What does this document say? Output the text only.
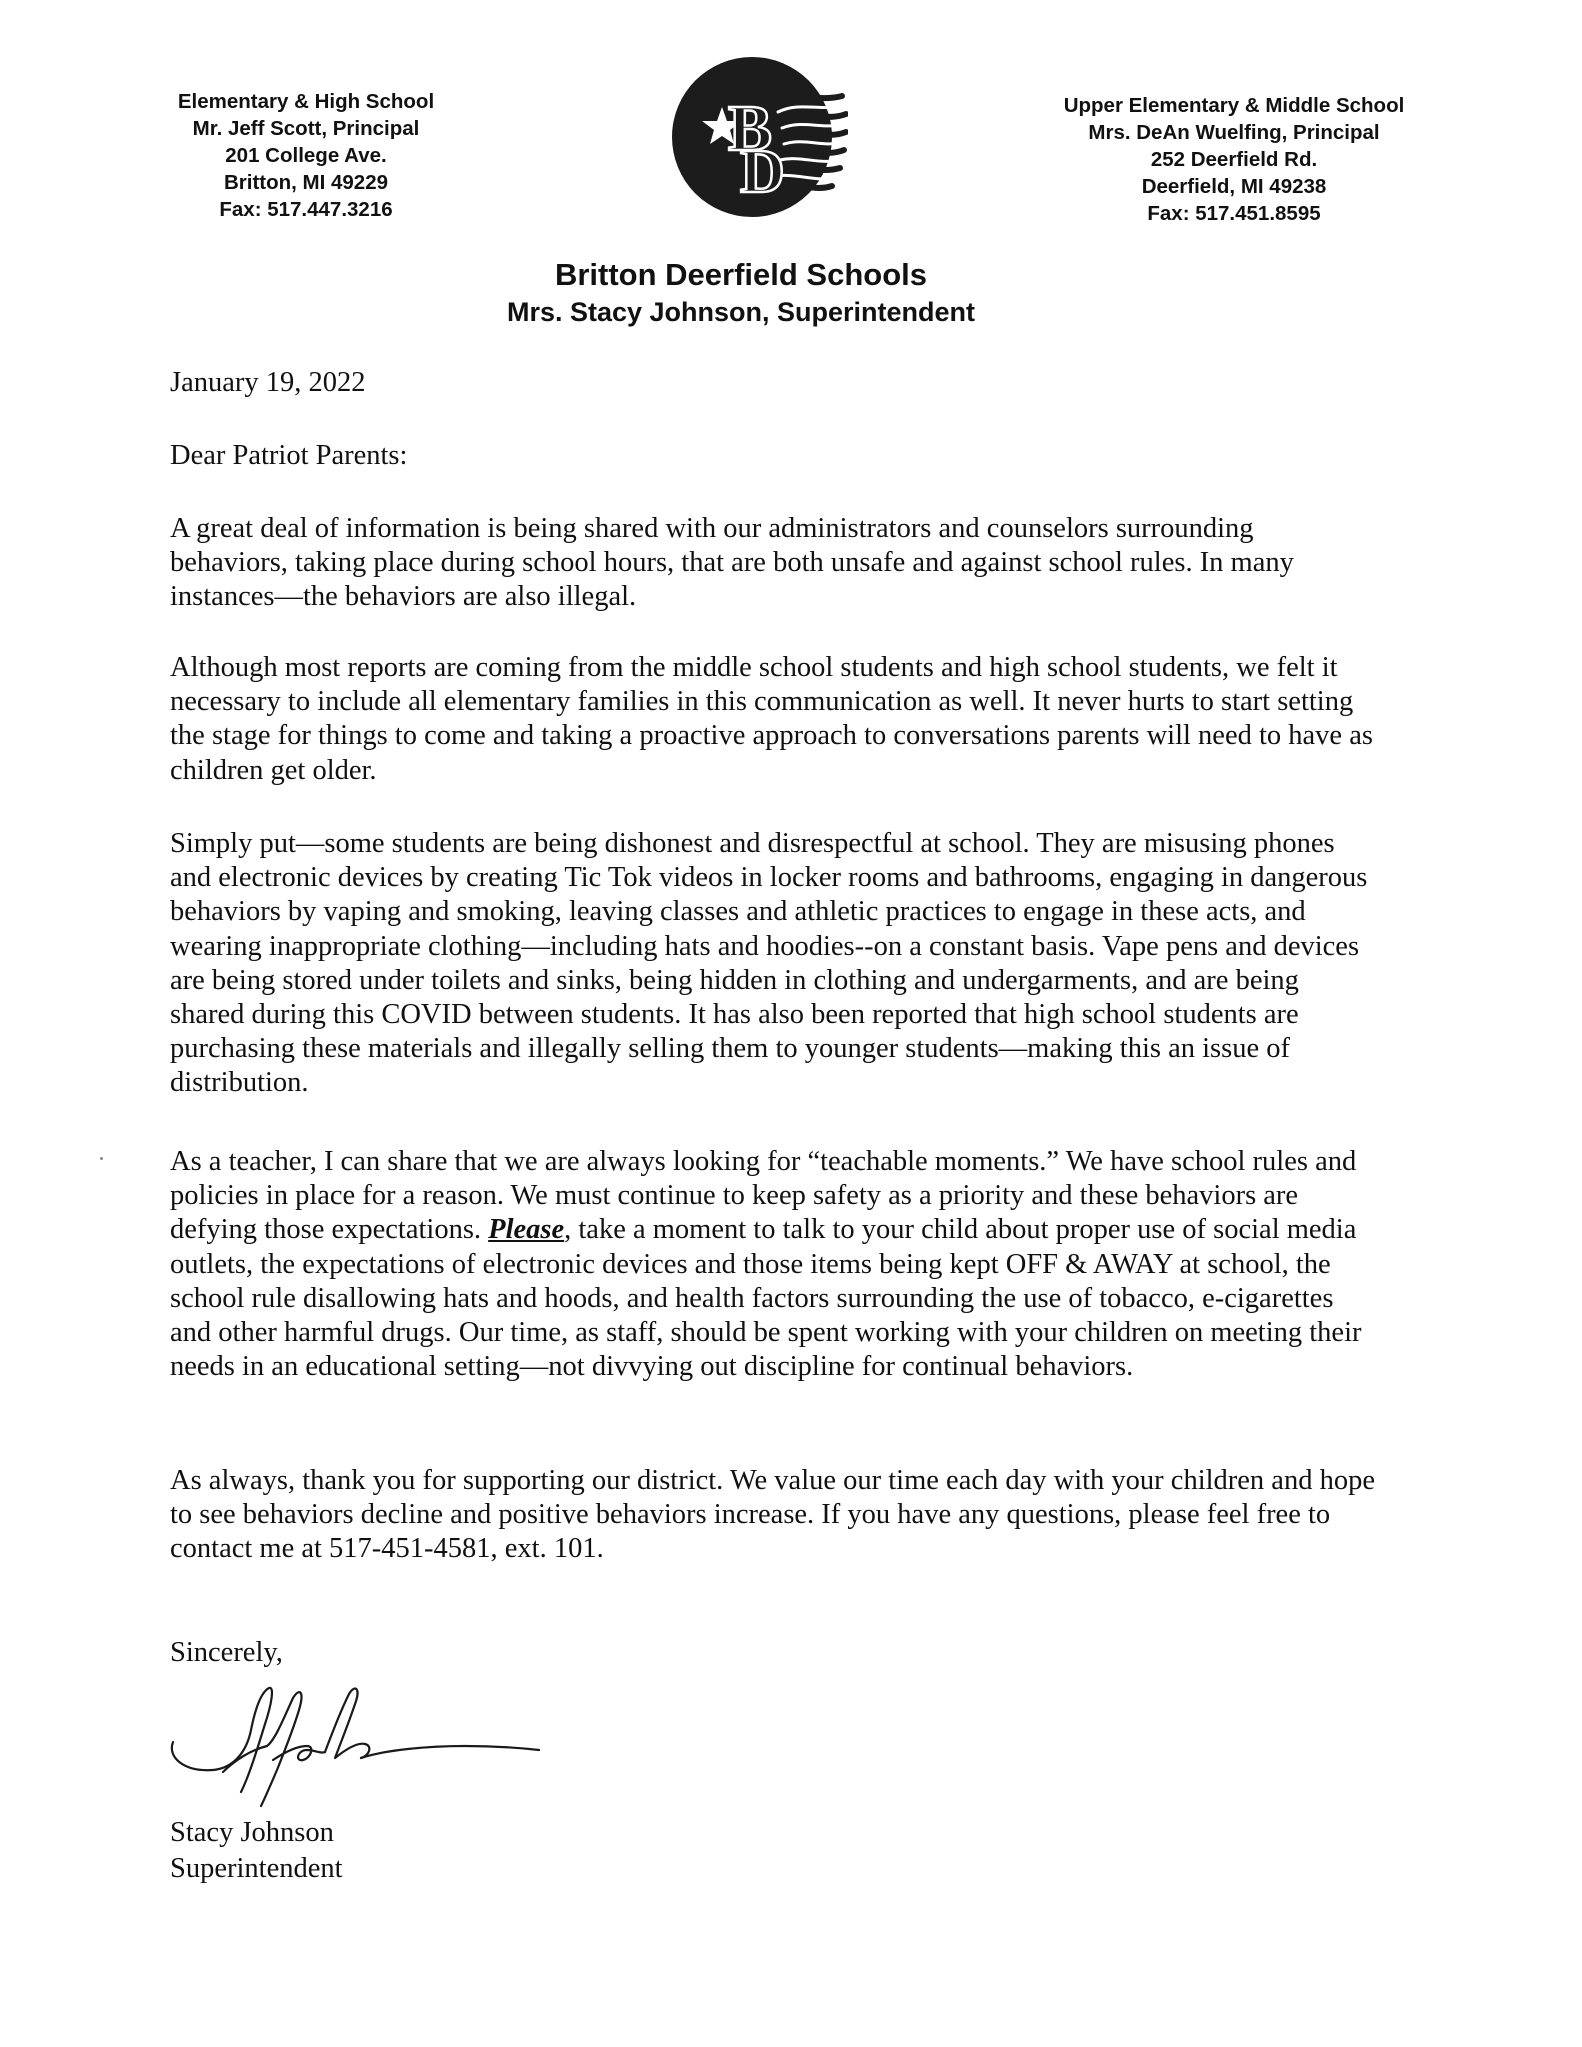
Elementary & High School
Mr. Jeff Scott, Principal
201 College Ave.
Britton, MI 49229
Fax: 517.447.3216
B
D
Upper Elementary & Middle School
Mrs. DeAn Wuelfing, Principal
252 Deerfield Rd.
Deerfield, MI 49238
Fax: 517.451.8595
Britton Deerfield Schools
Mrs. Stacy Johnson, Superintendent
January 19, 2022
Dear Patriot Parents:
A great deal of information is being shared with our administrators and counselors surrounding behaviors, taking place during school hours, that are both unsafe and against school rules. In many instances—the behaviors are also illegal.
Although most reports are coming from the middle school students and high school students, we felt it necessary to include all elementary families in this communication as well. It never hurts to start setting the stage for things to come and taking a proactive approach to conversations parents will need to have as children get older.
Simply put—some students are being dishonest and disrespectful at school. They are misusing phones and electronic devices by creating Tic Tok videos in locker rooms and bathrooms, engaging in dangerous behaviors by vaping and smoking, leaving classes and athletic practices to engage in these acts, and wearing inappropriate clothing—including hats and hoodies--on a constant basis. Vape pens and devices are being stored under toilets and sinks, being hidden in clothing and undergarments, and are being shared during this COVID between students. It has also been reported that high school students are purchasing these materials and illegally selling them to younger students—making this an issue of distribution.
As a teacher, I can share that we are always looking for “teachable moments.” We have school rules and policies in place for a reason. We must continue to keep safety as a priority and these behaviors are defying those expectations. Please, take a moment to talk to your child about proper use of social media outlets, the expectations of electronic devices and those items being kept OFF & AWAY at school, the school rule disallowing hats and hoods, and health factors surrounding the use of tobacco, e-cigarettes and other harmful drugs. Our time, as staff, should be spent working with your children on meeting their needs in an educational setting—not divvying out discipline for continual behaviors.
As always, thank you for supporting our district. We value our time each day with your children and hope to see behaviors decline and positive behaviors increase. If you have any questions, please feel free to contact me at 517-451-4581, ext. 101.
Sincerely,
Stacy Johnson
Superintendent
